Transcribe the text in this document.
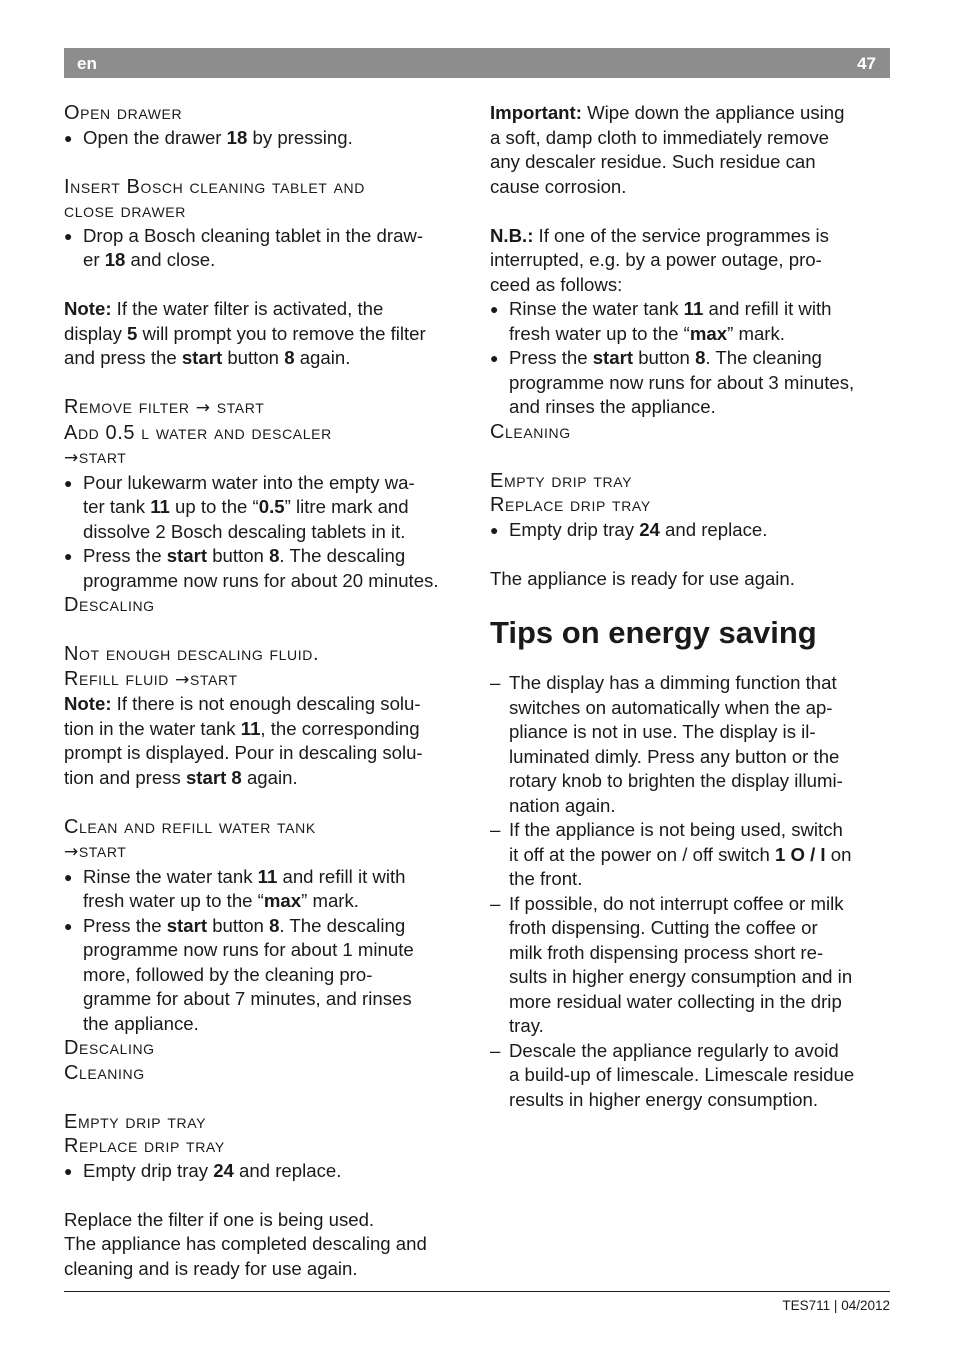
en	47
Open drawer
● Open the drawer 18 by pressing.
Insert Bosch cleaning tablet and
close drawer
● Drop a Bosch cleaning tablet in the draw-
er 18 and close.
Note: If the water filter is activated, the
display 5 will prompt you to remove the filter
and press the start button 8 again.
Remove filter → start
Add 0.5 l water and descaler
→start
● Pour lukewarm water into the empty wa-
ter tank 11 up to the “0.5” litre mark and
dissolve 2 Bosch descaling tablets in it.
● Press the start button 8. The descaling
programme now runs for about 20 minutes.
Descaling
Not enough descaling fluid.
Refill fluid →start
Note: If there is not enough descaling solu-
tion in the water tank 11, the corresponding
prompt is displayed. Pour in descaling solu-
tion and press start 8 again.
Clean and refill water tank
→start
● Rinse the water tank 11 and refill it with
fresh water up to the “max” mark.
● Press the start button 8. The descaling
programme now runs for about 1 minute
more, followed by the cleaning pro-
gramme for about 7 minutes, and rinses
the appliance.
Descaling
Cleaning
Empty drip tray
Replace drip tray
● Empty drip tray 24 and replace.
Replace the filter if one is being used.
The appliance has completed descaling and
cleaning and is ready for use again.
Important: Wipe down the appliance using
a soft, damp cloth to immediately remove
any descaler residue. Such residue can
cause corrosion.
N.B.: If one of the service programmes is
interrupted, e.g. by a power outage, pro-
ceed as follows:
● Rinse the water tank 11 and refill it with
fresh water up to the “max” mark.
● Press the start button 8. The cleaning
programme now runs for about 3 minutes,
and rinses the appliance.
Cleaning
Empty drip tray
Replace drip tray
● Empty drip tray 24 and replace.
The appliance is ready for use again.
Tips on energy saving
– The display has a dimming function that
switches on automatically when the ap-
pliance is not in use. The display is il-
luminated dimly. Press any button or the
rotary knob to brighten the display illumi-
nation again.
– If the appliance is not being used, switch
it off at the power on / off switch 1 O / I on
the front.
– If possible, do not interrupt coffee or milk
froth dispensing. Cutting the coffee or
milk froth dispensing process short re-
sults in higher energy consumption and in
more residual water collecting in the drip
tray.
– Descale the appliance regularly to avoid
a build-up of limescale. Limescale residue
results in higher energy consumption.
TES711 | 04/2012
